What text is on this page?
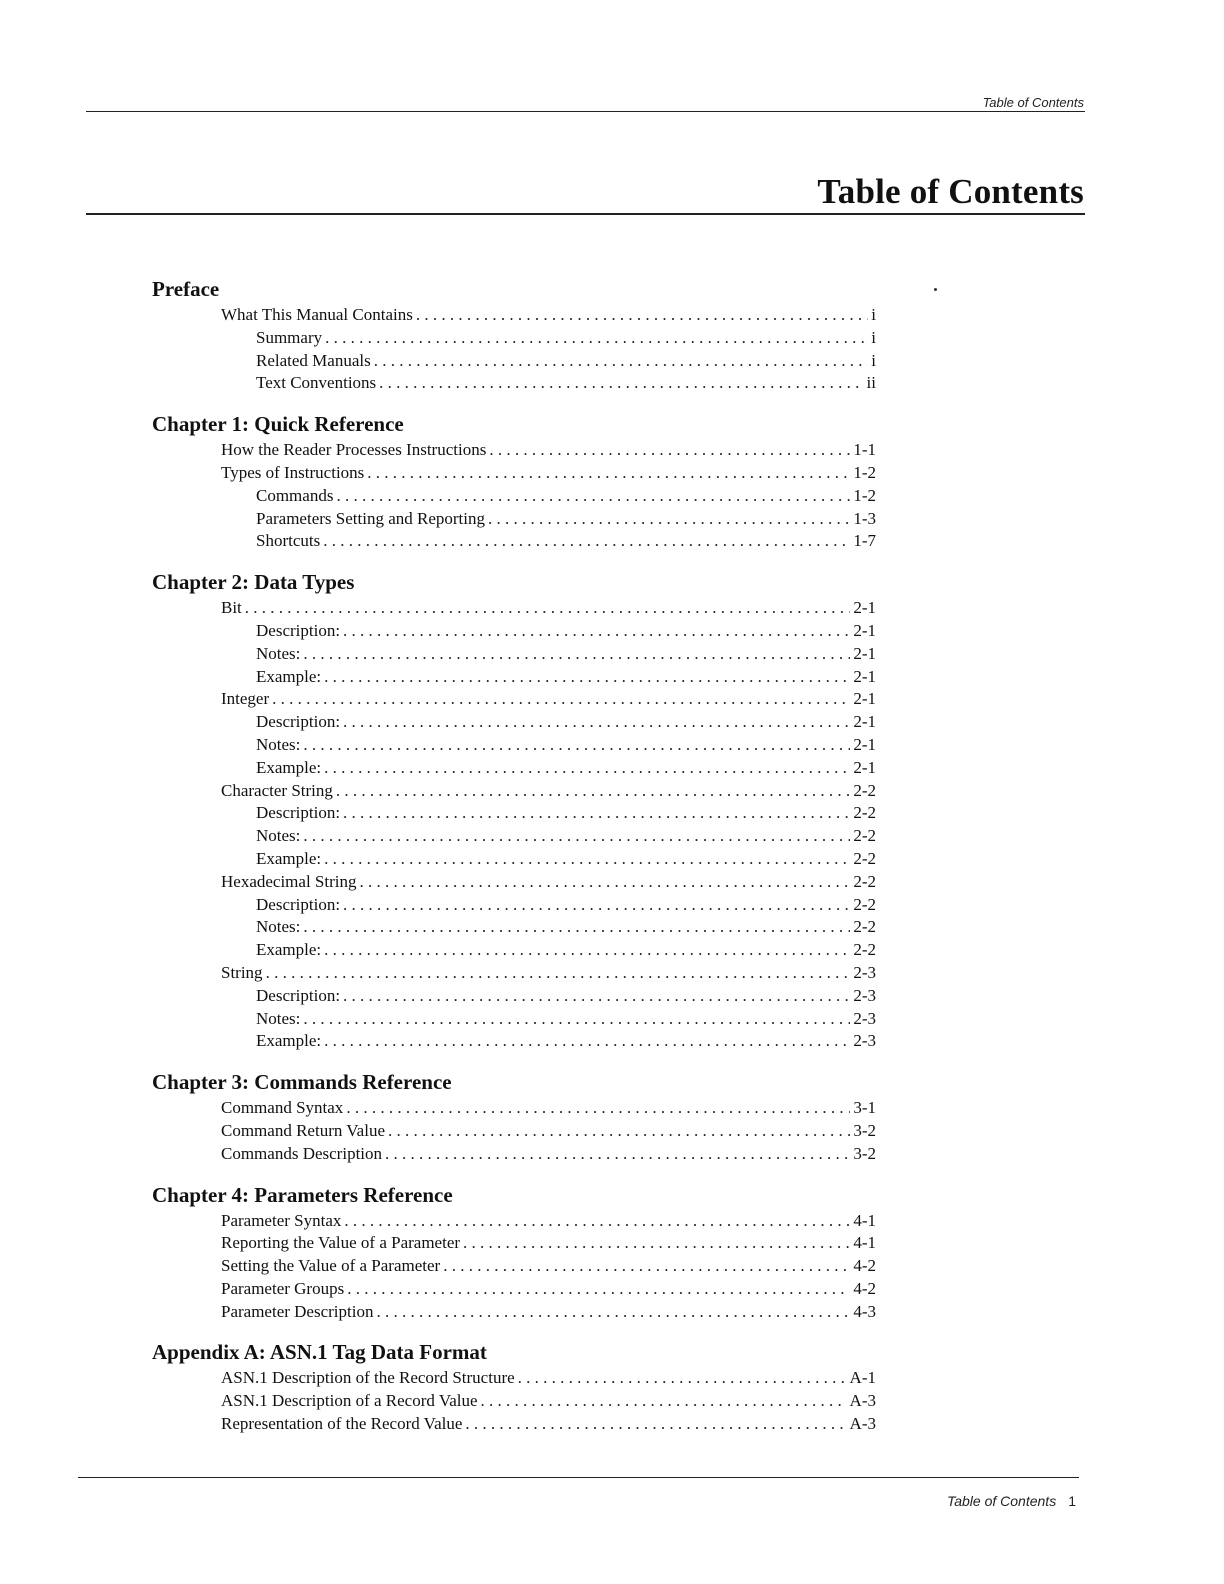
Table of Contents
Table of Contents
Preface
What This Manual Contains . . .	i
Summary . . .	i
Related Manuals . . .	i
Text Conventions . . .	ii
Chapter 1: Quick Reference
How the Reader Processes Instructions . . .	1-1
Types of Instructions . . .	1-2
Commands . . .	1-2
Parameters Setting and Reporting . . .	1-3
Shortcuts . . .	1-7
Chapter 2: Data Types
Bit . . .	2-1
Description: . . .	2-1
Notes: . . .	2-1
Example: . . .	2-1
Integer . . .	2-1
Description: . . .	2-1
Notes: . . .	2-1
Example: . . .	2-1
Character String . . .	2-2
Description: . . .	2-2
Notes: . . .	2-2
Example: . . .	2-2
Hexadecimal String . . .	2-2
Description: . . .	2-2
Notes: . . .	2-2
Example: . . .	2-2
String . . .	2-3
Description: . . .	2-3
Notes: . . .	2-3
Example: . . .	2-3
Chapter 3: Commands Reference
Command Syntax . . .	3-1
Command Return Value . . .	3-2
Commands Description . . .	3-2
Chapter 4: Parameters Reference
Parameter Syntax . . .	4-1
Reporting the Value of a Parameter . . .	4-1
Setting the Value of a Parameter . . .	4-2
Parameter Groups . . .	4-2
Parameter Description . . .	4-3
Appendix A: ASN.1 Tag Data Format
ASN.1 Description of the Record Structure . . .	A-1
ASN.1 Description of a Record Value . . .	A-3
Representation of the Record Value . . .	A-3
Table of Contents 1
